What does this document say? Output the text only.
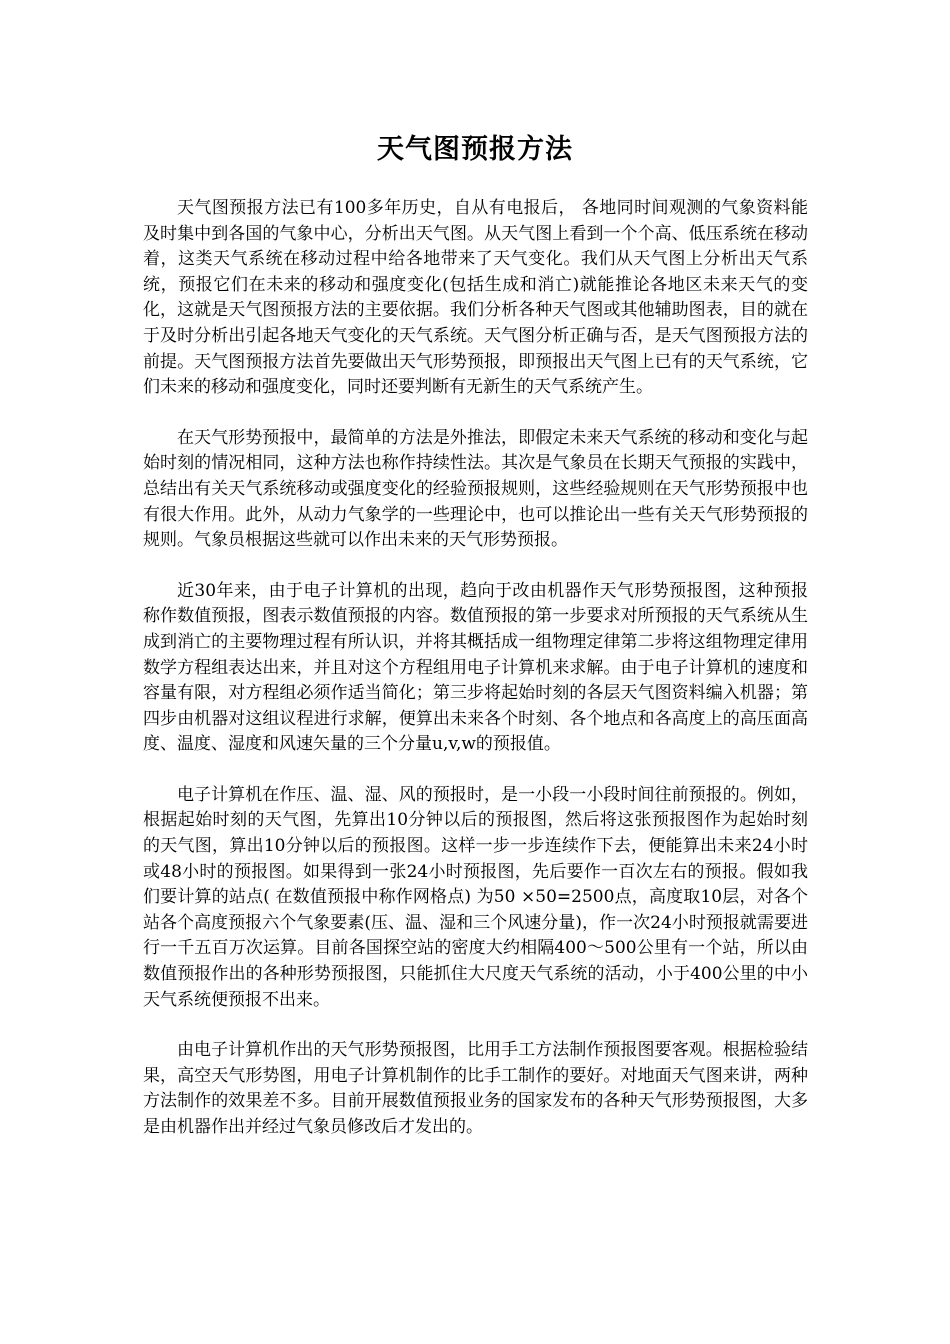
天气图预报方法

天气图预报方法已有100多年历史，自从有电报后， 各地同时间观测的气象资料能及时集中到各国的气象中心，分析出天气图。从天气图上看到一个个高、低压系统在移动着，这类天气系统在移动过程中给各地带来了天气变化。我们从天气图上分析出天气系统，预报它们在未来的移动和强度变化(包括生成和消亡)就能推论各地区未来天气的变化，这就是天气图预报方法的主要依据。我们分析各种天气图或其他辅助图表，目的就在于及时分析出引起各地天气变化的天气系统。天气图分析正确与否，是天气图预报方法的前提。天气图预报方法首先要做出天气形势预报，即预报出天气图上已有的天气系统，它们未来的移动和强度变化，同时还要判断有无新生的天气系统产生。

在天气形势预报中，最简单的方法是外推法，即假定未来天气系统的移动和变化与起始时刻的情况相同，这种方法也称作持续性法。其次是气象员在长期天气预报的实践中，总结出有关天气系统移动或强度变化的经验预报规则，这些经验规则在天气形势预报中也有很大作用。此外，从动力气象学的一些理论中，也可以推论出一些有关天气形势预报的规则。气象员根据这些就可以作出未来的天气形势预报。

近30年来，由于电子计算机的出现，趋向于改由机器作天气形势预报图，这种预报称作数值预报，图表示数值预报的内容。数值预报的第一步要求对所预报的天气系统从生成到消亡的主要物理过程有所认识，并将其概括成一组物理定律第二步将这组物理定律用数学方程组表达出来，并且对这个方程组用电子计算机来求解。由于电子计算机的速度和容量有限，对方程组必须作适当简化；第三步将起始时刻的各层天气图资料编入机器；第四步由机器对这组议程进行求解，便算出未来各个时刻、各个地点和各高度上的高压面高度、温度、湿度和风速矢量的三个分量u,v,w的预报值。

电子计算机在作压、温、湿、风的预报时，是一小段一小段时间往前预报的。例如，根据起始时刻的天气图，先算出10分钟以后的预报图，然后将这张预报图作为起始时刻的天气图，算出10分钟以后的预报图。这样一步一步连续作下去，便能算出未来24小时或48小时的预报图。如果得到一张24小时预报图，先后要作一百次左右的预报。假如我们要计算的站点( 在数值预报中称作网格点) 为50 ×50=2500点，高度取10层，对各个站各个高度预报六个气象要素(压、温、湿和三个风速分量)，作一次24小时预报就需要进行一千五百万次运算。目前各国探空站的密度大约相隔400～500公里有一个站，所以由数值预报作出的各种形势预报图，只能抓住大尺度天气系统的活动，小于400公里的中小天气系统便预报不出来。

由电子计算机作出的天气形势预报图，比用手工方法制作预报图要客观。根据检验结果，高空天气形势图，用电子计算机制作的比手工制作的要好。对地面天气图来讲，两种方法制作的效果差不多。目前开展数值预报业务的国家发布的各种天气形势预报图，大多是由机器作出并经过气象员修改后才发出的。
